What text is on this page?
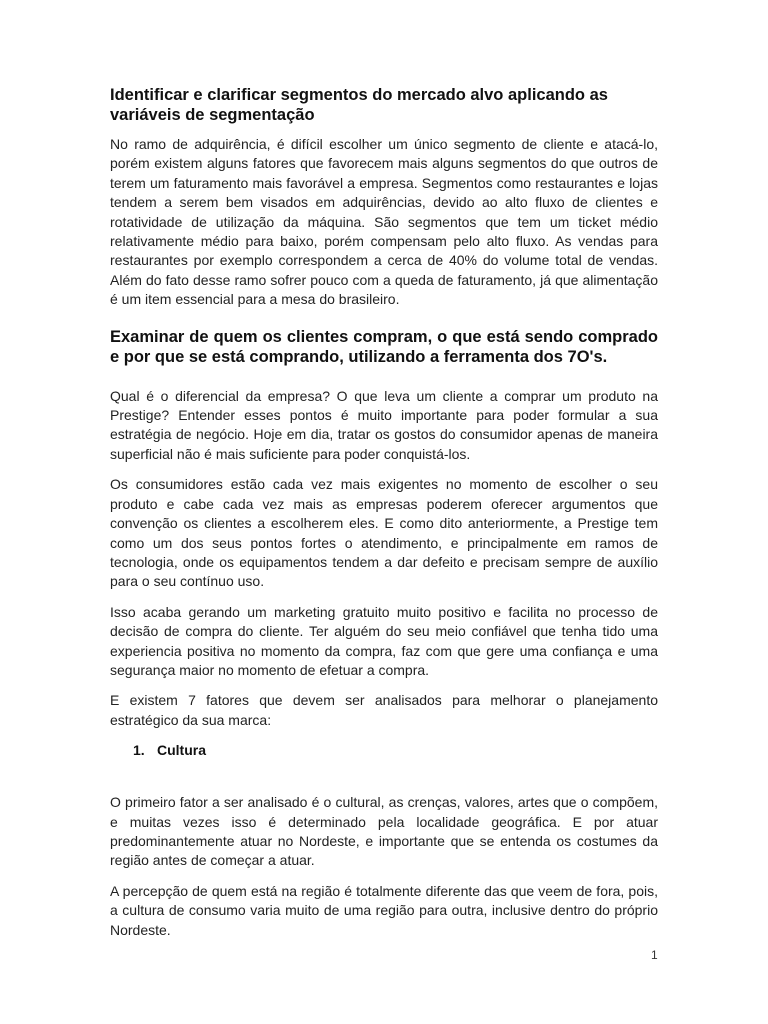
Identificar e clarificar segmentos do mercado alvo aplicando as variáveis de segmentação

No ramo de adquirência, é difícil escolher um único segmento de cliente e atacá-lo, porém existem alguns fatores que favorecem mais alguns segmentos do que outros de terem um faturamento mais favorável a empresa. Segmentos como restaurantes e lojas tendem a serem bem visados em adquirências, devido ao alto fluxo de clientes e rotatividade de utilização da máquina. São segmentos que tem um ticket médio relativamente médio para baixo, porém compensam pelo alto fluxo. As vendas para restaurantes por exemplo correspondem a cerca de 40% do volume total de vendas. Além do fato desse ramo sofrer pouco com a queda de faturamento, já que alimentação é um item essencial para a mesa do brasileiro.

Examinar de quem os clientes compram, o que está sendo comprado e por que se está comprando, utilizando a ferramenta dos 7O's.

Qual é o diferencial da empresa? O que leva um cliente a comprar um produto na Prestige? Entender esses pontos é muito importante para poder formular a sua estratégia de negócio. Hoje em dia, tratar os gostos do consumidor apenas de maneira superficial não é mais suficiente para poder conquistá-los.

Os consumidores estão cada vez mais exigentes no momento de escolher o seu produto e cabe cada vez mais as empresas poderem oferecer argumentos que convenção os clientes a escolherem eles. E como dito anteriormente, a Prestige tem como um dos seus pontos fortes o atendimento, e principalmente em ramos de tecnologia, onde os equipamentos tendem a dar defeito e precisam sempre de auxílio para o seu contínuo uso.

Isso acaba gerando um marketing gratuito muito positivo e facilita no processo de decisão de compra do cliente. Ter alguém do seu meio confiável que tenha tido uma experiencia positiva no momento da compra, faz com que gere uma confiança e uma segurança maior no momento de efetuar a compra.

E existem 7 fatores que devem ser analisados para melhorar o planejamento estratégico da sua marca:

1. Cultura

O primeiro fator a ser analisado é o cultural, as crenças, valores, artes que o compõem, e muitas vezes isso é determinado pela localidade geográfica. E por atuar predominantemente atuar no Nordeste, e importante que se entenda os costumes da região antes de começar a atuar.

A percepção de quem está na região é totalmente diferente das que veem de fora, pois, a cultura de consumo varia muito de uma região para outra, inclusive dentro do próprio Nordeste.

1
